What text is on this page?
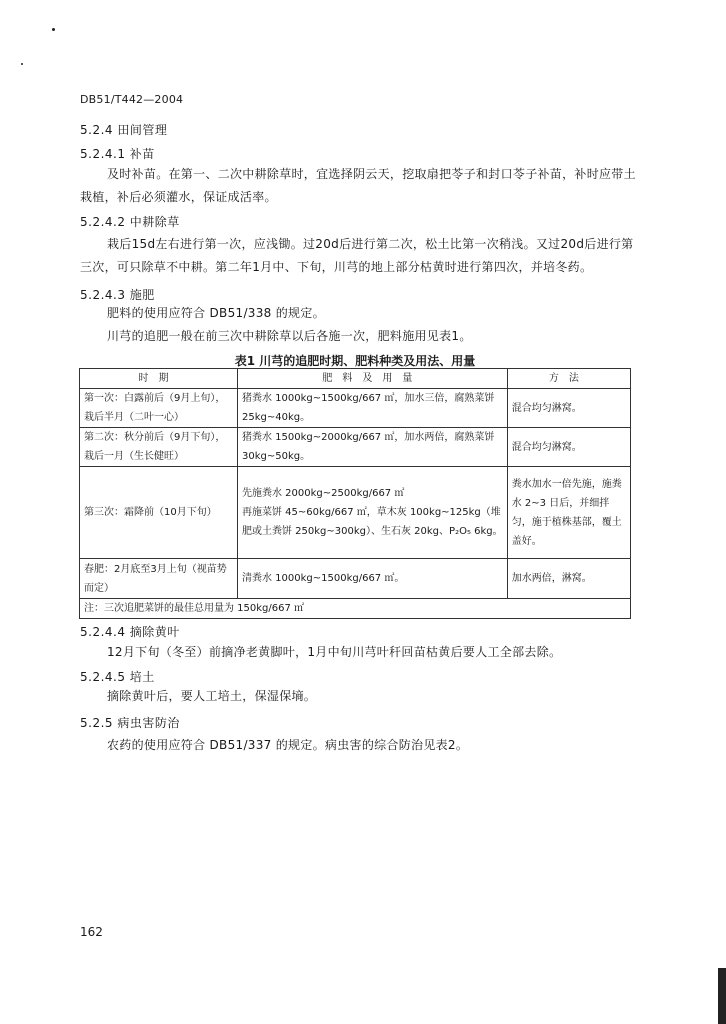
DB51/T442—2004
5.2.4 田间管理
5.2.4.1 补苗
及时补苗。在第一、二次中耕除草时，宜选择阴云天，挖取扇把苓子和封口苓子补苗，补时应带土栽植，补后必须灌水，保证成活率。
5.2.4.2 中耕除草
栽后15d左右进行第一次，应浅锄。过20d后进行第二次，松土比第一次稍浅。又过20d后进行第三次，可只除草不中耕。第二年1月中、下旬，川芎的地上部分枯黄时进行第四次，并培冬药。
5.2.4.3 施肥
肥料的使用应符合 DB51/338 的规定。
川芎的追肥一般在前三次中耕除草以后各施一次，肥料施用见表1。
表1 川芎的追肥时期、肥料种类及用法、用量
时期	肥料及用量	方法
第一次：白露前后（9月上旬），栽后半月（二叶一心）	猪粪水 1000kg~1500kg/667 ㎡，加水三倍，腐熟菜饼25kg~40kg。	混合均匀淋窝。
第二次：秋分前后（9月下旬），栽后一月（生长健旺）	猪粪水 1500kg~2000kg/667 ㎡，加水两倍，腐熟菜饼30kg~50kg。	混合均匀淋窝。
第三次：霜降前（10月下旬）	先施粪水 2000kg~2500kg/667 ㎡
再施菜饼 45~60kg/667 ㎡，草木灰 100kg~125kg（堆肥或土粪饼 250kg~300kg）、生石灰 20kg、P₂O₅ 6kg。	粪水加水一倍先施，施粪水 2~3 日后，并细拌匀，施于植株基部，覆土盖好。
春肥：2月底至3月上旬（视苗势而定）	清粪水 1000kg~1500kg/667 ㎡。	加水两倍，淋窝。
注：三次追肥菜饼的最佳总用量为 150kg/667 ㎡		
5.2.4.4 摘除黄叶
12月下旬（冬至）前摘净老黄脚叶，1月中旬川芎叶秆回苗枯黄后要人工全部去除。
5.2.4.5 培土
摘除黄叶后，要人工培土，保湿保墒。
5.2.5 病虫害防治
农药的使用应符合 DB51/337 的规定。病虫害的综合防治见表2。
162
